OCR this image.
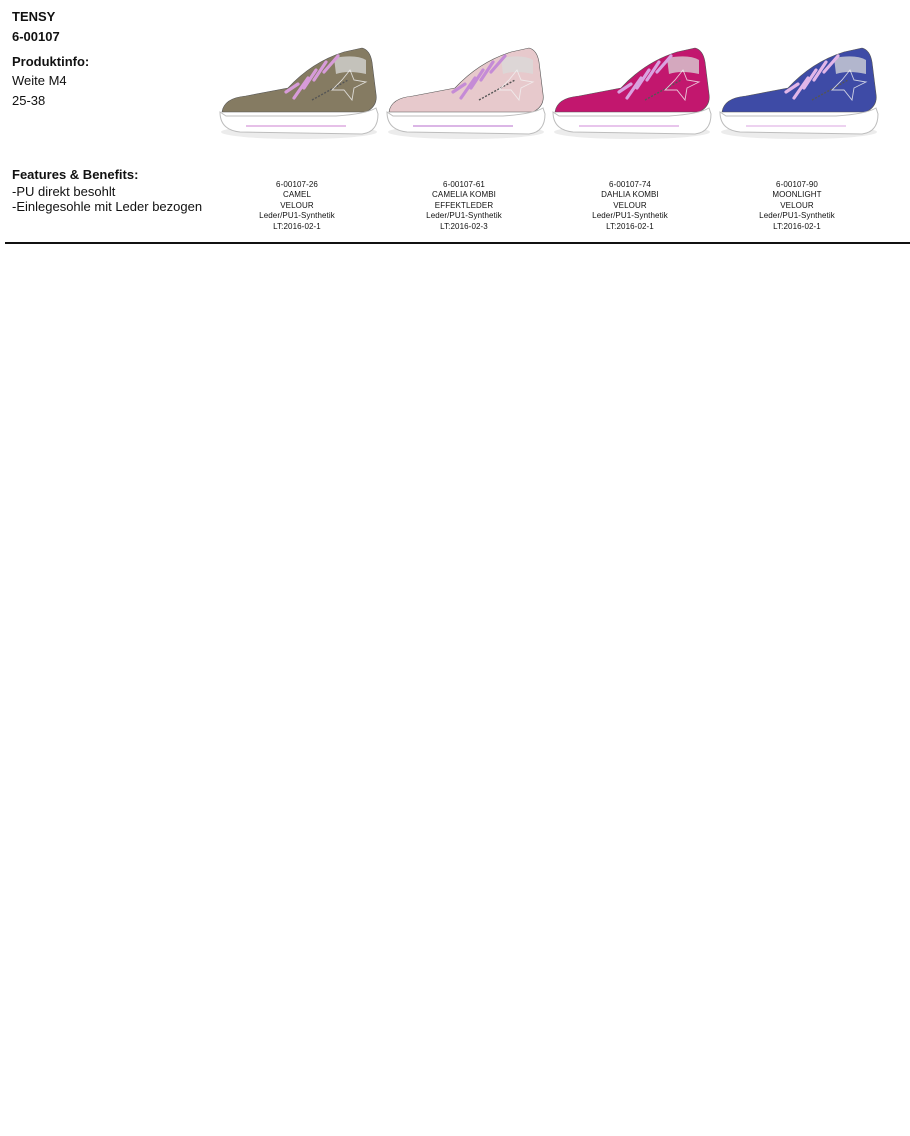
TENSY
6-00107
Produktinfo:
Weite M4
25-38
Features & Benefits:
-PU direkt besohlt
-Einlegesohle mit Leder bezogen
6-00107-26
CAMEL
VELOUR
Leder/PU1-Synthetik
LT:2016-02-1
6-00107-61
CAMELIA KOMBI
EFFEKTLEDER
Leder/PU1-Synthetik
LT:2016-02-3
6-00107-74
DAHLIA KOMBI
VELOUR
Leder/PU1-Synthetik
LT:2016-02-1
6-00107-90
MOONLIGHT
VELOUR
Leder/PU1-Synthetik
LT:2016-02-1
